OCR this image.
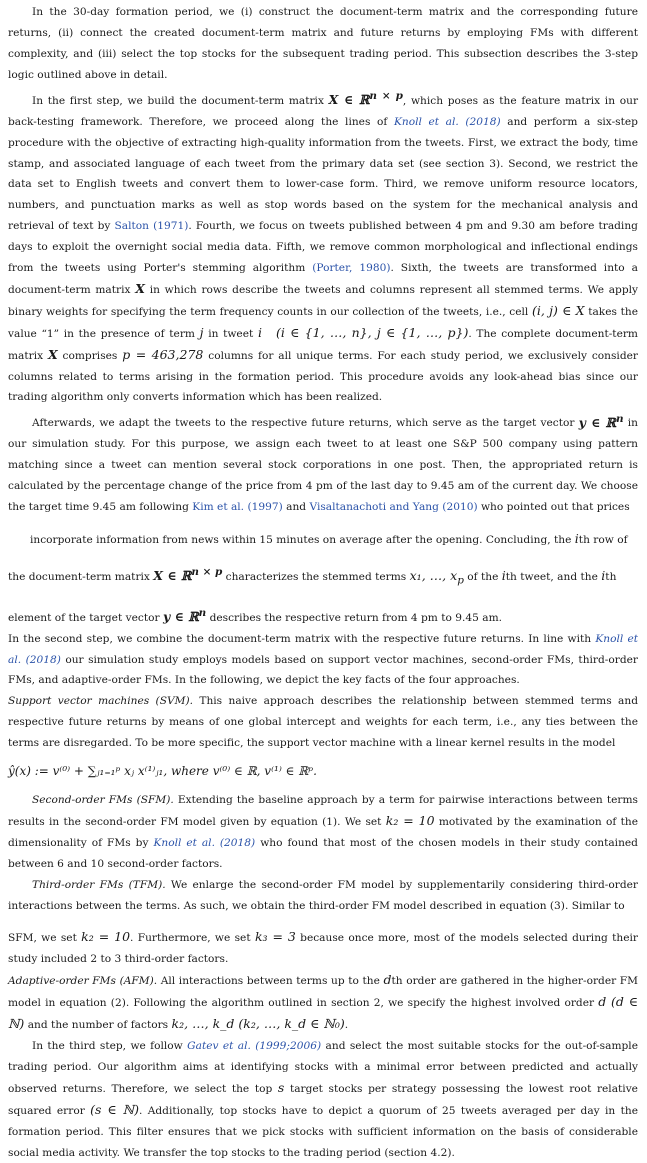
In the 30-day formation period, we (i) construct the document-term matrix and the corresponding future returns, (ii) connect the created document-term matrix and future returns by employing FMs with different complexity, and (iii) select the top stocks for the subsequent trading period. This subsection describes the 3-step logic outlined above in detail.

In the first step, we build the document-term matrix X ∈ ℝ$^{n \times p}$, which poses as the feature matrix in our back-testing framework. Therefore, we proceed along the lines of Knoll et al. (2018) and perform a six-step procedure with the objective of extracting high-quality information from the tweets. First, we extract the body, time stamp, and associated language of each tweet from the primary data set (see section 3). Second, we restrict the data set to English tweets and convert them to lower-case form. Third, we remove uniform resource locators, numbers, and punctuation marks as well as stop words based on the system for the mechanical analysis and retrieval of text by Salton (1971). Fourth, we focus on tweets published between 4 pm and 9.30 am before trading days to exploit the overnight social media data. Fifth, we remove common morphological and inflectional endings from the tweets using Porter's stemming algorithm (Porter, 1980). Sixth, the tweets are transformed into a document-term matrix X in which rows describe the tweets and columns represent all stemmed terms. We apply binary weights for specifying the term frequency counts in our collection of the tweets, i.e., cell (i, j) ∈ X takes the value “1” in the presence of term j in tweet i (i ∈ {1, …, n}, j ∈ {1, …, p}). The complete document-term matrix X comprises p = 463,278 columns for all unique terms. For each study period, we exclusively consider columns related to terms arising in the formation period. This procedure avoids any look-ahead bias since our trading algorithm only converts information which has been realized.

Afterwards, we adapt the tweets to the respective future returns, which serve as the target vector y ∈ ℝ$^n$ in our simulation study. For this purpose, we assign each tweet to at least one S&P 500 company using pattern matching since a tweet can mention several stock corporations in one post. Then, the appropriated return is calculated by the percentage change of the price from 4 pm of the last day to 9.45 am of the current day. We choose the target time 9.45 am following Kim et al. (1997) and Visaltanachoti and Yang (2010) who pointed out that prices

incorporate information from news within 15 minutes on average after the opening. Concluding, the ith row of

the document-term matrix X ∈ ℝ$^{n \times p}$ characterizes the stemmed terms x₁, …, $x_p$ of the ith tweet, and the ith

element of the target vector y ∈ ℝ$^n$ describes the respective return from 4 pm to 9.45 am.

In the second step, we combine the document-term matrix with the respective future returns. In line with Knoll et al. (2018) our simulation study employs models based on support vector machines, second-order FMs, third-order FMs, and adaptive-order FMs. In the following, we depict the key facts of the four approaches.

Support vector machines (SVM). This naive approach describes the relationship between stemmed terms and respective future returns by means of one global intercept and weights for each term, i.e., any ties between the terms are disregarded. To be more specific, the support vector machine with a linear kernel results in the model

ŷ(x) := v⁽⁰⁾ + ∑ⱼ₁₌₁ᵖ xⱼ x⁽¹⁾ⱼ₁, where v⁽⁰⁾ ∈ ℝ, v⁽¹⁾ ∈ ℝᵖ.

Second-order FMs (SFM). Extending the baseline approach by a term for pairwise interactions between terms results in the second-order FM model given by equation (1). We set k₂ = 10 motivated by the examination of the dimensionality of FMs by Knoll et al. (2018) who found that most of the chosen models in their study contained between 6 and 10 second-order factors.

Third-order FMs (TFM). We enlarge the second-order FM model by supplementarily considering third-order interactions between the terms. As such, we obtain the third-order FM model described in equation (3). Similar to

SFM, we set k₂ = 10. Furthermore, we set k₃ = 3 because once more, most of the models selected during their study included 2 to 3 third-order factors.

Adaptive-order FMs (AFM). All interactions between terms up to the dth order are gathered in the higher-order FM model in equation (2). Following the algorithm outlined in section 2, we specify the highest involved order d (d ∈ ℕ) and the number of factors k₂, …, k_d (k₂, …, k_d ∈ ℕ₀).

In the third step, we follow Gatev et al. (1999;2006) and select the most suitable stocks for the out-of-sample trading period. Our algorithm aims at identifying stocks with a minimal error between predicted and actually observed returns. Therefore, we select the top s target stocks per strategy possessing the lowest root relative squared error (s ∈ ℕ). Additionally, top stocks have to depict a quorum of 25 tweets averaged per day in the formation period. This filter ensures that we pick stocks with sufficient information on the basis of considerable social media activity. We transfer the top stocks to the trading period (section 4.2).
